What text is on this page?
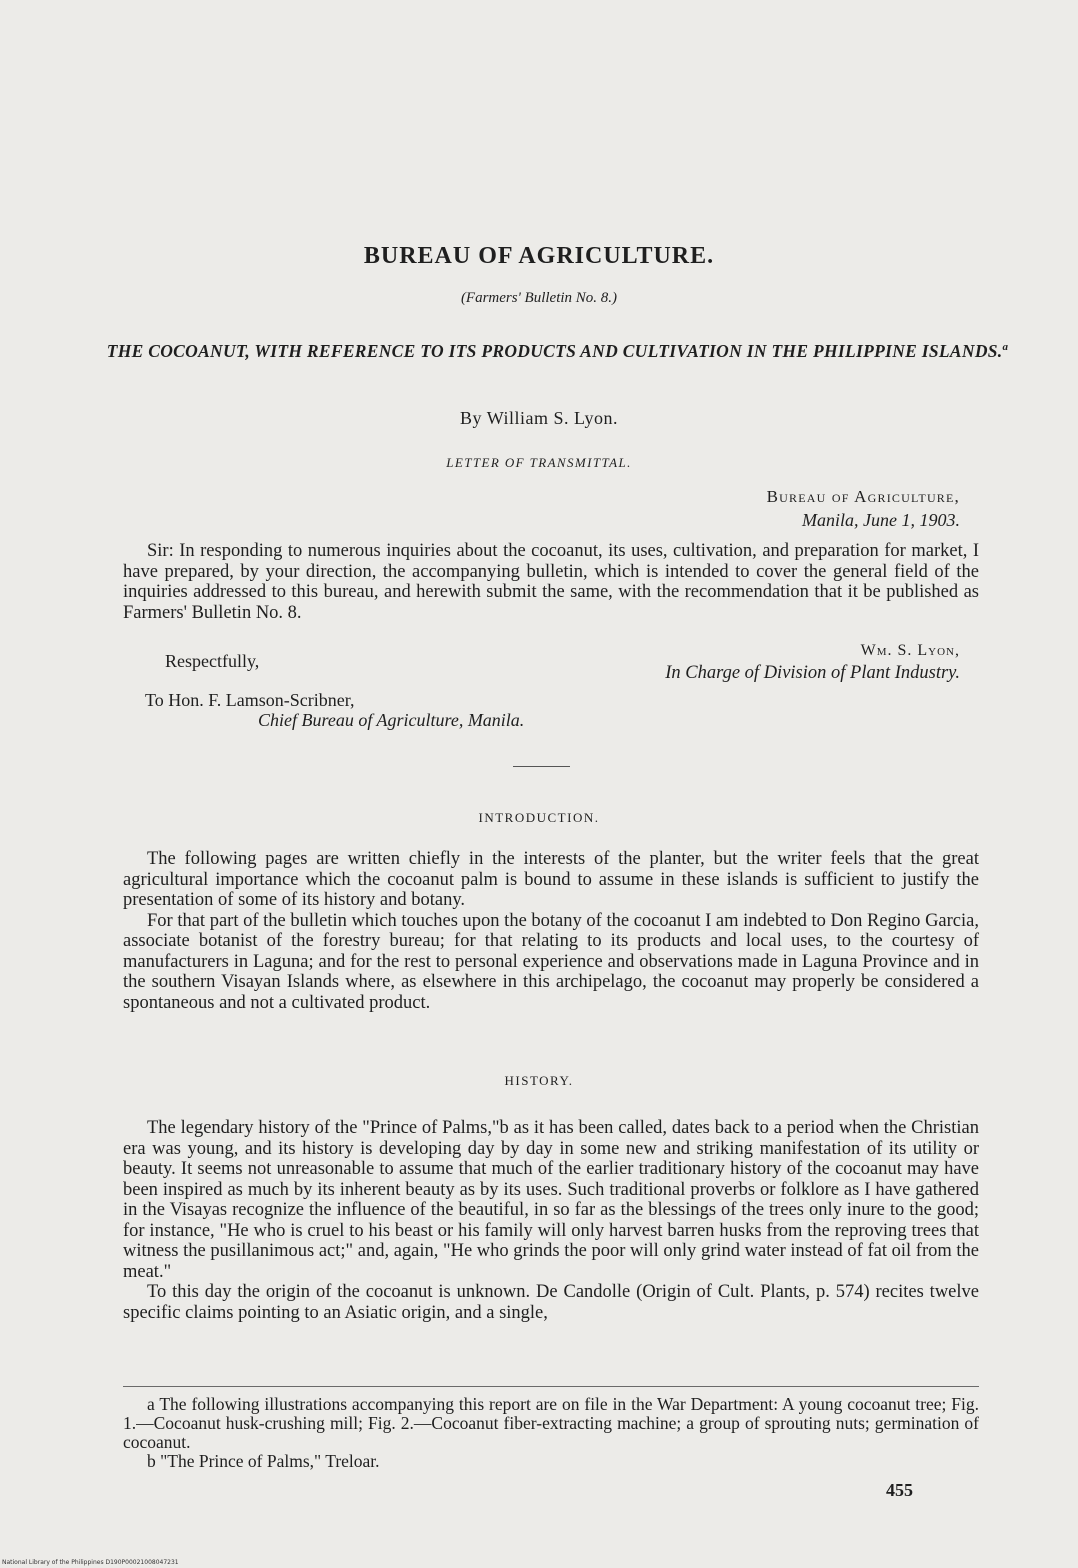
BUREAU OF AGRICULTURE.
(Farmers' Bulletin No. 8.)
THE COCOANUT, WITH REFERENCE TO ITS PRODUCTS AND CULTIVATION IN THE PHILIPPINE ISLANDS.$^a$
By William S. Lyon.
LETTER OF TRANSMITTAL.
Bureau of Agriculture,
Manila, June 1, 1903.
Sir: In responding to numerous inquiries about the cocoanut, its uses, cultivation, and preparation for market, I have prepared, by your direction, the accompanying bulletin, which is intended to cover the general field of the inquiries addressed to this bureau, and herewith submit the same, with the recommendation that it be published as Farmers' Bulletin No. 8.
Respectfully,
Wm. S. Lyon,
In Charge of Division of Plant Industry.
To Hon. F. Lamson-Scribner,
Chief Bureau of Agriculture, Manila.
INTRODUCTION.
The following pages are written chiefly in the interests of the planter, but the writer feels that the great agricultural importance which the cocoanut palm is bound to assume in these islands is sufficient to justify the presentation of some of its history and botany.
For that part of the bulletin which touches upon the botany of the cocoanut I am indebted to Don Regino Garcia, associate botanist of the forestry bureau; for that relating to its products and local uses, to the courtesy of manufacturers in Laguna; and for the rest to personal experience and observations made in Laguna Province and in the southern Visayan Islands where, as elsewhere in this archipelago, the cocoanut may properly be considered a spontaneous and not a cultivated product.
HISTORY.
The legendary history of the "Prince of Palms,"b as it has been called, dates back to a period when the Christian era was young, and its history is developing day by day in some new and striking manifestation of its utility or beauty. It seems not unreasonable to assume that much of the earlier traditionary history of the cocoanut may have been inspired as much by its inherent beauty as by its uses. Such traditional proverbs or folklore as I have gathered in the Visayas recognize the influence of the beautiful, in so far as the blessings of the trees only inure to the good; for instance, "He who is cruel to his beast or his family will only harvest barren husks from the reproving trees that witness the pusillanimous act;" and, again, "He who grinds the poor will only grind water instead of fat oil from the meat."
To this day the origin of the cocoanut is unknown. De Candolle (Origin of Cult. Plants, p. 574) recites twelve specific claims pointing to an Asiatic origin, and a single,
a The following illustrations accompanying this report are on file in the War Department: A young cocoanut tree; Fig. 1.—Cocoanut husk-crushing mill; Fig. 2.—Cocoanut fiber-extracting machine; a group of sprouting nuts; germination of cocoanut.
b "The Prince of Palms," Treloar.
455
National Library of the Philippines D190P00021008047231
